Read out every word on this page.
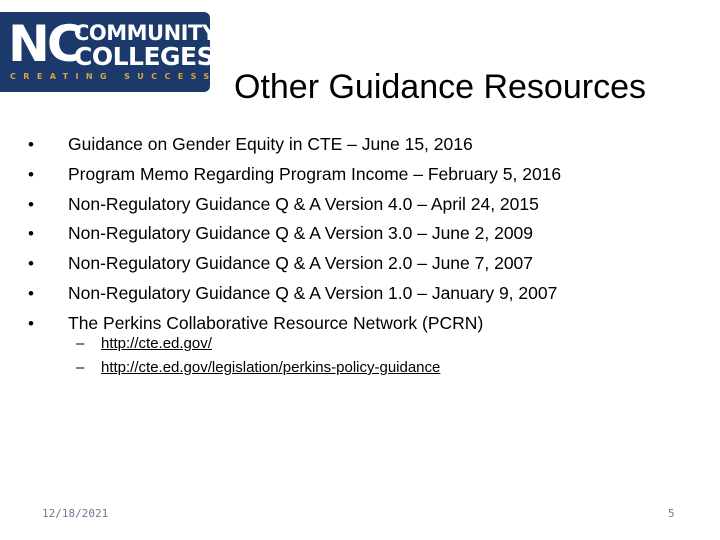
NC
COMMUNITY
COLLEGES
CREATING SUCCESS Other Guidance Resources
• Guidance on Gender Equity in CTE – June 15, 2016
• Program Memo Regarding Program Income – February 5, 2016
• Non-Regulatory Guidance Q & A Version 4.0 – April 24, 2015
• Non-Regulatory Guidance Q & A Version 3.0 – June 2, 2009
• Non-Regulatory Guidance Q & A Version 2.0 – June 7, 2007
• Non-Regulatory Guidance Q & A Version 1.0 – January 9, 2007
• The Perkins Collaborative Resource Network (PCRN)
– http://cte.ed.gov/
– http://cte.ed.gov/legislation/perkins-policy-guidance
12/18/2021	5
